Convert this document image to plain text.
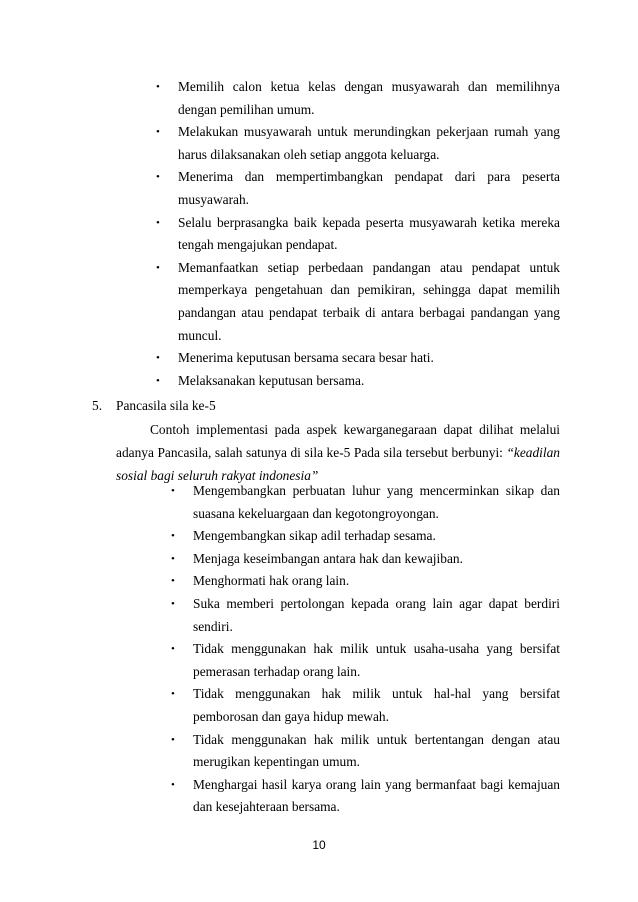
• Memilih calon ketua kelas dengan musyawarah dan memilihnya dengan pemilihan umum.
• Melakukan musyawarah untuk merundingkan pekerjaan rumah yang harus dilaksanakan oleh setiap anggota keluarga.
• Menerima dan mempertimbangkan pendapat dari para peserta musyawarah.
• Selalu berprasangka baik kepada peserta musyawarah ketika mereka tengah mengajukan pendapat.
• Memanfaatkan setiap perbedaan pandangan atau pendapat untuk memperkaya pengetahuan dan pemikiran, sehingga dapat memilih pandangan atau pendapat terbaik di antara berbagai pandangan yang muncul.
• Menerima keputusan bersama secara besar hati.
• Melaksanakan keputusan bersama.
5. Pancasila sila ke-5

Contoh implementasi pada aspek kewarganegaraan dapat dilihat melalui adanya Pancasila, salah satunya di sila ke-5 Pada sila tersebut berbunyi: “keadilan sosial bagi seluruh rakyat indonesia”

• Mengembangkan perbuatan luhur yang mencerminkan sikap dan suasana kekeluargaan dan kegotongroyongan.
• Mengembangkan sikap adil terhadap sesama.
• Menjaga keseimbangan antara hak dan kewajiban.
• Menghormati hak orang lain.
• Suka memberi pertolongan kepada orang lain agar dapat berdiri sendiri.
• Tidak menggunakan hak milik untuk usaha-usaha yang bersifat pemerasan terhadap orang lain.
• Tidak menggunakan hak milik untuk hal-hal yang bersifat pemborosan dan gaya hidup mewah.
• Tidak menggunakan hak milik untuk bertentangan dengan atau merugikan kepentingan umum.
• Menghargai hasil karya orang lain yang bermanfaat bagi kemajuan dan kesejahteraan bersama.
10
